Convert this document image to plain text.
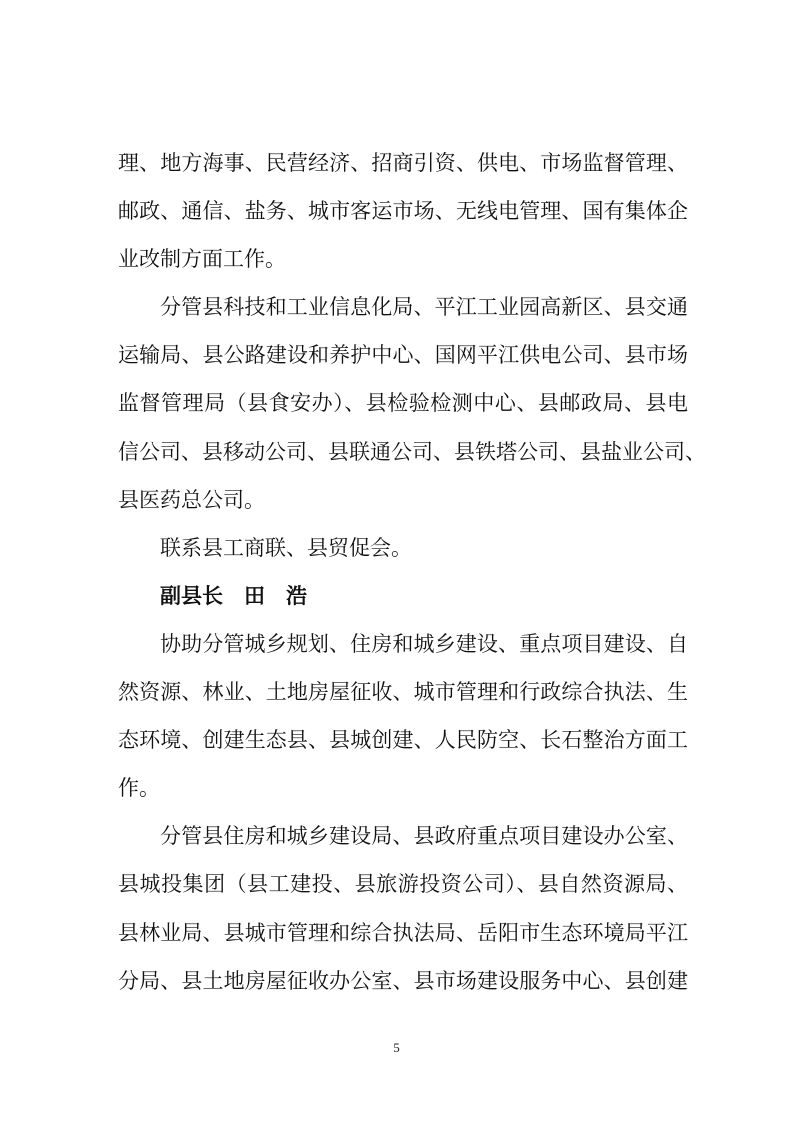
理、地方海事、民营经济、招商引资、供电、市场监督管理、
邮政、通信、盐务、城市客运市场、无线电管理、国有集体企
业改制方面工作。
分管县科技和工业信息化局、平江工业园高新区、县交通
运输局、县公路建设和养护中心、国网平江供电公司、县市场
监督管理局（县食安办）、县检验检测中心、县邮政局、县电
信公司、县移动公司、县联通公司、县铁塔公司、县盐业公司、
县医药总公司。
联系县工商联、县贸促会。
副县长　田　浩
协助分管城乡规划、住房和城乡建设、重点项目建设、自
然资源、林业、土地房屋征收、城市管理和行政综合执法、生
态环境、创建生态县、县城创建、人民防空、长石整治方面工
作。
分管县住房和城乡建设局、县政府重点项目建设办公室、
县城投集团（县工建投、县旅游投资公司）、县自然资源局、
县林业局、县城市管理和综合执法局、岳阳市生态环境局平江
分局、县土地房屋征收办公室、县市场建设服务中心、县创建
5
